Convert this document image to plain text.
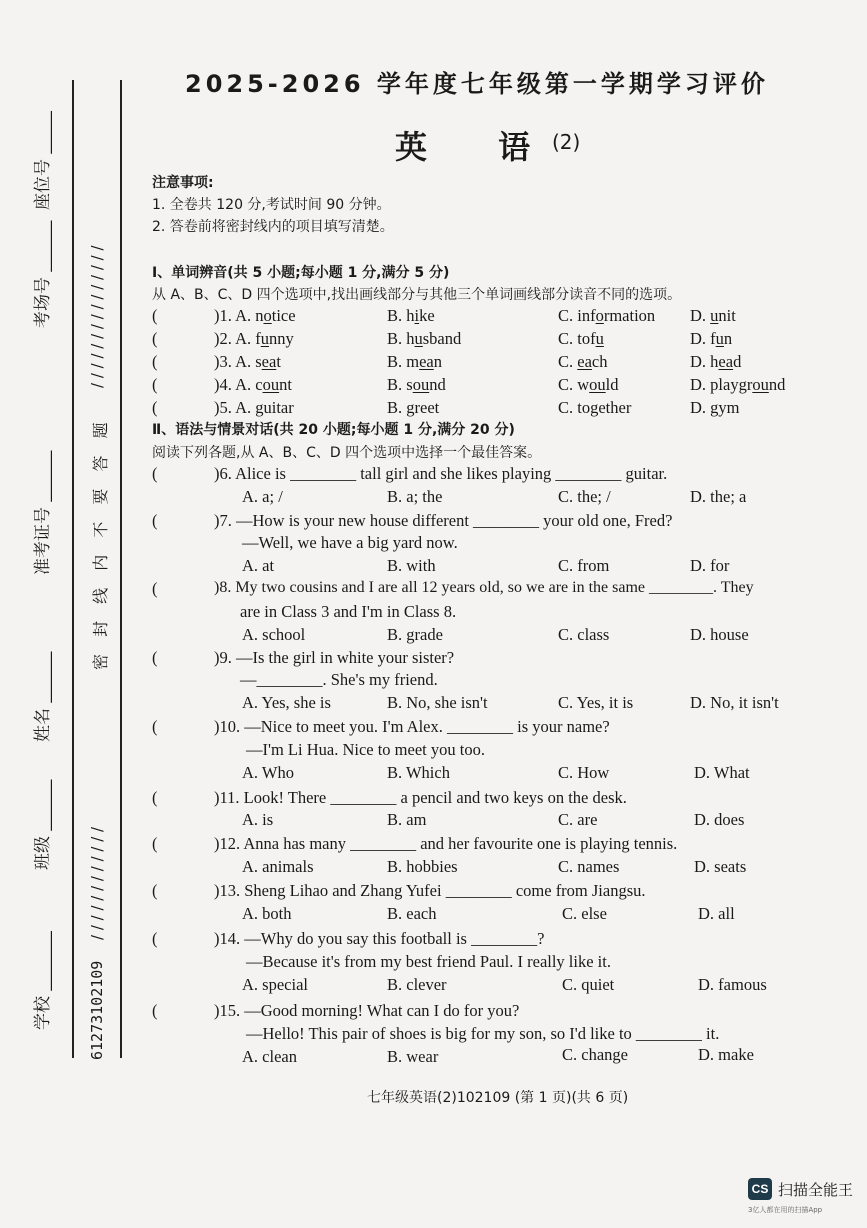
座位号 _____
考场号 ______
准考证号 ______
姓名 ______
班级 ______
学校 _______
/ / / / / / / / / / / / / / /
密 封 线 内 不 要 答 题
/ / / / / / / / / / / /
61273102109
2025-2026 学年度七年级第一学期学习评价
英 语
(2)
注意事项:
1. 全卷共 120 分,考试时间 90 分钟。
2. 答卷前将密封线内的项目填写清楚。
Ⅰ、单词辨音(共 5 小题;每小题 1 分,满分 5 分)
从 A、B、C、D 四个选项中,找出画线部分与其他三个单词画线部分读音不同的选项。
(	)1. A. notice	B. hike	C. information D. unit
(	)2. A. funny	B. husband	C. tofu	D. fun
(	)3. A. seat	B. mean	C. each	D. head
(	)4. A. count	B. sound	C. would	D. playground
(	)5. A. guitar	B. greet	C. together	D. gym
Ⅱ、语法与情景对话(共 20 小题;每小题 1 分,满分 20 分)
阅读下列各题,从 A、B、C、D 四个选项中选择一个最佳答案。
(	)6. Alice is ________ tall girl and she likes playing ________ guitar.
A. a; /	B. a; the	C. the; /	D. the; a
(	)7. —How is your new house different ________ your old one, Fred?
—Well, we have a big yard now.
A. at	B. with	C. from	D. for
(	)8. My two cousins and I are all 12 years old, so we are in the same ________. They
are in Class 3 and I'm in Class 8.
A. school	B. grade	C. class	D. house
(	)9. —Is the girl in white your sister?
—________. She's my friend.
A. Yes, she is	B. No, she isn't	C. Yes, it is	D. No, it isn't
(	)10. —Nice to meet you. I'm Alex. ________ is your name?
—I'm Li Hua. Nice to meet you too.
A. Who	B. Which	C. How	D. What
(	)11. Look! There ________ a pencil and two keys on the desk.
A. is	B. am	C. are	D. does
(	)12. Anna has many ________ and her favourite one is playing tennis.
A. animals	B. hobbies	C. names	D. seats
(	)13. Sheng Lihao and Zhang Yufei ________ come from Jiangsu.
A. both	B. each	C. else	D. all
(	)14. —Why do you say this football is ________?
—Because it's from my best friend Paul. I really like it.
A. special	B. clever	C. quiet	D. famous
(	)15. —Good morning! What can I do for you?
—Hello! This pair of shoes is big for my son, so I'd like to ________ it.
A. clean	B. wear	C. change	D. make
七年级英语(2)102109 (第 1 页)(共 6 页)
CS 扫描全能王
3亿人都在用的扫描App
